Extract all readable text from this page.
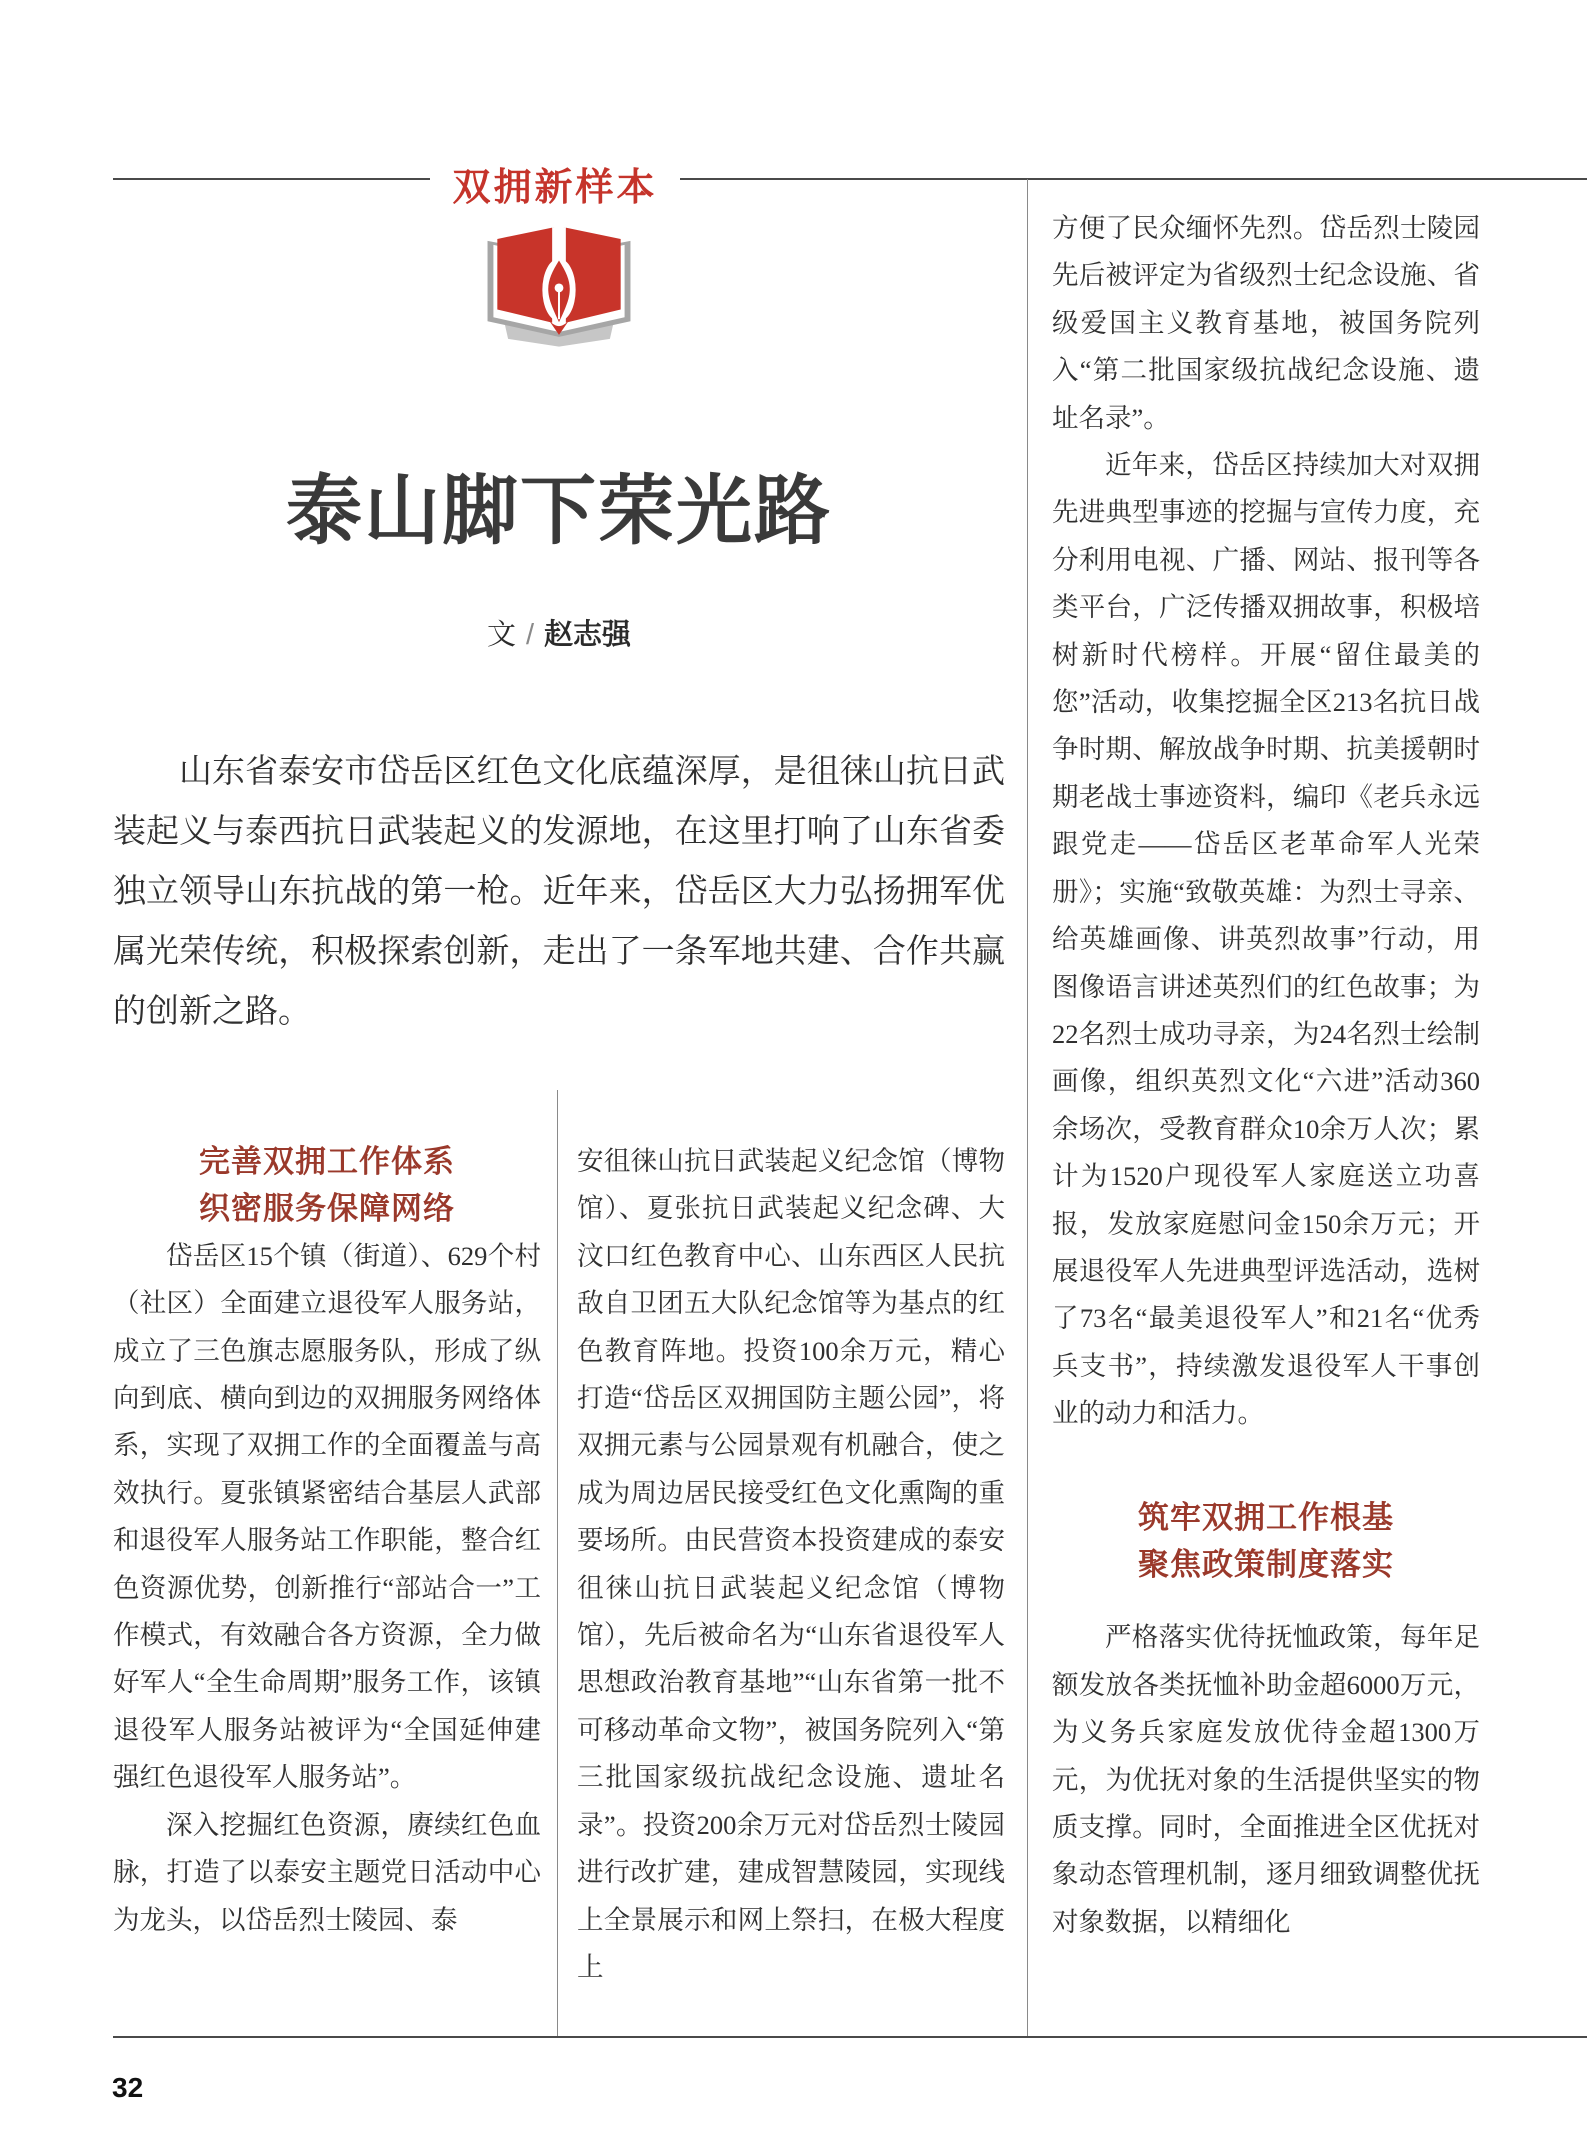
双拥新样本
泰山脚下荣光路
文 / 赵志强
山东省泰安市岱岳区红色文化底蕴深厚，是徂徕山抗日武装起义与泰西抗日武装起义的发源地，在这里打响了山东省委独立领导山东抗战的第一枪。近年来，岱岳区大力弘扬拥军优属光荣传统，积极探索创新，走出了一条军地共建、合作共赢的创新之路。
完善双拥工作体系
织密服务保障网络

岱岳区15个镇（街道）、629个村（社区）全面建立退役军人服务站，成立了三色旗志愿服务队，形成了纵向到底、横向到边的双拥服务网络体系，实现了双拥工作的全面覆盖与高效执行。夏张镇紧密结合基层人武部和退役军人服务站工作职能，整合红色资源优势，创新推行“部站合一”工作模式，有效融合各方资源，全力做好军人“全生命周期”服务工作，该镇退役军人服务站被评为“全国延伸建强红色退役军人服务站”。

深入挖掘红色资源，赓续红色血脉，打造了以泰安主题党日活动中心为龙头，以岱岳烈士陵园、泰

安徂徕山抗日武装起义纪念馆（博物馆）、夏张抗日武装起义纪念碑、大汶口红色教育中心、山东西区人民抗敌自卫团五大队纪念馆等为基点的红色教育阵地。投资100余万元，精心打造“岱岳区双拥国防主题公园”，将双拥元素与公园景观有机融合，使之成为周边居民接受红色文化熏陶的重要场所。由民营资本投资建成的泰安徂徕山抗日武装起义纪念馆（博物馆），先后被命名为“山东省退役军人思想政治教育基地”“山东省第一批不可移动革命文物”，被国务院列入“第三批国家级抗战纪念设施、遗址名录”。投资200余万元对岱岳烈士陵园进行改扩建，建成智慧陵园，实现线上全景展示和网上祭扫，在极大程度上

方便了民众缅怀先烈。岱岳烈士陵园先后被评定为省级烈士纪念设施、省级爱国主义教育基地，被国务院列入“第二批国家级抗战纪念设施、遗址名录”。

近年来，岱岳区持续加大对双拥先进典型事迹的挖掘与宣传力度，充分利用电视、广播、网站、报刊等各类平台，广泛传播双拥故事，积极培树新时代榜样。开展“留住最美的您”活动，收集挖掘全区213名抗日战争时期、解放战争时期、抗美援朝时期老战士事迹资料，编印《老兵永远跟党走——岱岳区老革命军人光荣册》；实施“致敬英雄：为烈士寻亲、给英雄画像、讲英烈故事”行动，用图像语言讲述英烈们的红色故事；为22名烈士成功寻亲，为24名烈士绘制画像，组织英烈文化“六进”活动360余场次，受教育群众10余万人次；累计为1520户现役军人家庭送立功喜报，发放家庭慰问金150余万元；开展退役军人先进典型评选活动，选树了73名“最美退役军人”和21名“优秀兵支书”，持续激发退役军人干事创业的动力和活力。

筑牢双拥工作根基
聚焦政策制度落实

严格落实优待抚恤政策，每年足额发放各类抚恤补助金超6000万元，为义务兵家庭发放优待金超1300万元，为优抚对象的生活提供坚实的物质支撑。同时，全面推进全区优抚对象动态管理机制，逐月细致调整优抚对象数据，以精细化

32
